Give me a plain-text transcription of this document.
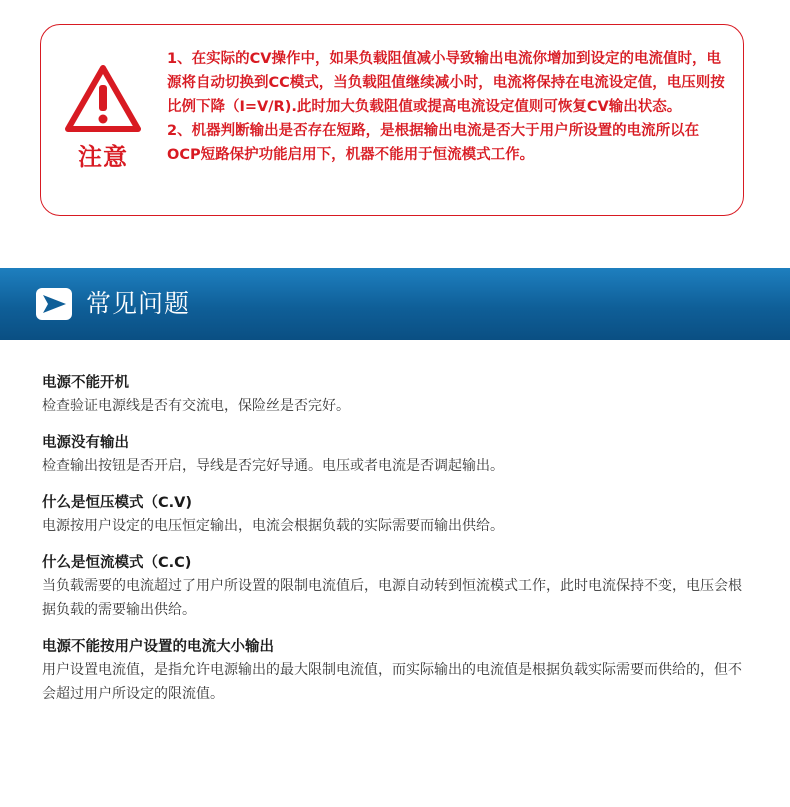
注意

1、在实际的CV操作中，如果负载阻值减小导致输出电流你增加到设定的电流值时，电源将自动切换到CC模式，当负载阻值继续减小时，电流将保持在电流设定值，电压则按比例下降（I=V/R).此时加大负载阻值或提高电流设定值则可恢复CV输出状态。

2、机器判断输出是否存在短路，是根据输出电流是否大于用户所设置的电流所以在OCP短路保护功能启用下，机器不能用于恒流模式工作。

常见问题
电源不能开机
检查验证电源线是否有交流电，保险丝是否完好。
电源没有输出
检查输出按钮是否开启，导线是否完好导通。电压或者电流是否调起输出。
什么是恒压模式（C.V)
电源按用户设定的电压恒定输出，电流会根据负载的实际需要而输出供给。
什么是恒流模式（C.C)
当负载需要的电流超过了用户所设置的限制电流值后，电源自动转到恒流模式工作，此时电流保持不变，电压会根据负载的需要输出供给。
电源不能按用户设置的电流大小输出
用户设置电流值，是指允许电源输出的最大限制电流值，而实际输出的电流值是根据负载实际需要而供给的，但不会超过用户所设定的限流值。
